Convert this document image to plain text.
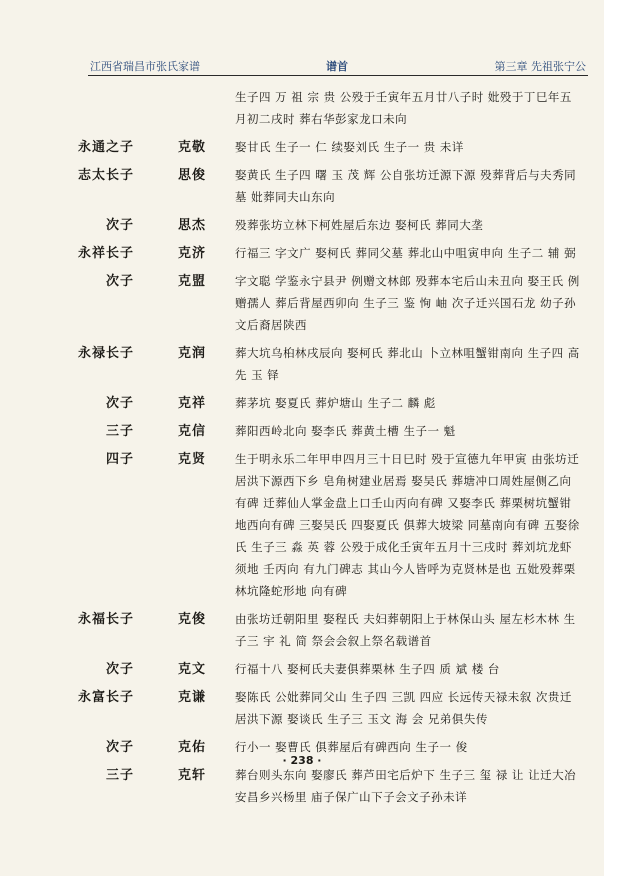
江西省瑞昌市张氏家谱	谱首	第三章 先祖张宁公
生子四 万 祖 宗 贵 公殁于壬寅年五月廿八子时 妣殁于丁巳年五月初二戌时 葬右华彭家龙口未向
永通之子	克敬	娶甘氏 生子一 仁 续娶刘氏 生子一 贵 未详
志太长子	思俊	娶黄氏 生子四 曙 玉 茂 辉 公自张坊迁源下源 殁葬背后与夫秀同墓 妣葬同夫山东向
次子	思杰	殁葬张坊立林下柯姓屋后东边 娶柯氏 葬同大垄
永祥长子	克济	行福三 字文广 娶柯氏 葬同父墓 葬北山中咀寅申向 生子二 辅 弼
次子	克盟	字文聪 学鉴永宁县尹 例赠文林郎 殁葬本宅后山未丑向 娶王氏 例赠孺人 葬后背屋西卯向 生子三 鉴 恂 岫 次子迁兴国石龙 幼子孙文后裔居陕西
永禄长子	克润	葬大坑乌桕林戌辰向 娶柯氏 葬北山 卜立林咀蟹钳南向 生子四 高 先 玉 铎
次子	克祥	葬茅坑 娶夏氏 葬炉塘山 生子二 麟 彪
三子	克信	葬阳西岭北向 娶李氏 葬黄土槽 生子一 魁
四子	克贤	生于明永乐二年甲申四月三十日巳时 殁于宣德九年甲寅 由张坊迁居洪下源西下乡 皂角树建业居焉 娶吴氏 葬塘冲口周姓屋侧乙向有碑 迁葬仙人掌金盘上口壬山丙向有碑 又娶李氏 葬栗树坑蟹钳地西向有碑 三娶吴氏 四娶夏氏 俱葬大坡梁 同墓南向有碑 五娶徐氏 生子三 淼 英 蓉 公殁于成化壬寅年五月十三戌时 葬刘坑龙虾须地 壬丙向 有九门碑志 其山今人皆呼为克贤林是也 五妣殁葬栗林坑隆蛇形地 向有碑
永福长子	克俊	由张坊迁朝阳里 娶程氏 夫妇葬朝阳上于林保山头 屋左杉木林 生子三 宇 礼 简 祭会会叙上祭名载谱首
次子	克文	行福十八 娶柯氏夫妻俱葬栗林 生子四 质 斌 楼 台
永富长子	克谦	娶陈氏 公妣葬同父山 生子四 三凯 四应 长远传天禄未叙 次贵迁居洪下源 娶谈氏 生子三 玉文 海 会 兄弟俱失传
次子	克佑	行小一 娶曹氏 俱葬屋后有碑西向 生子一 俊
三子	克轩	葬台则头东向 娶廖氏 葬芦田宅后炉下 生子三 玺 禄 让 让迁大冶安昌乡兴杨里 庙子保广山下子会文子孙未详
· 238 ·
